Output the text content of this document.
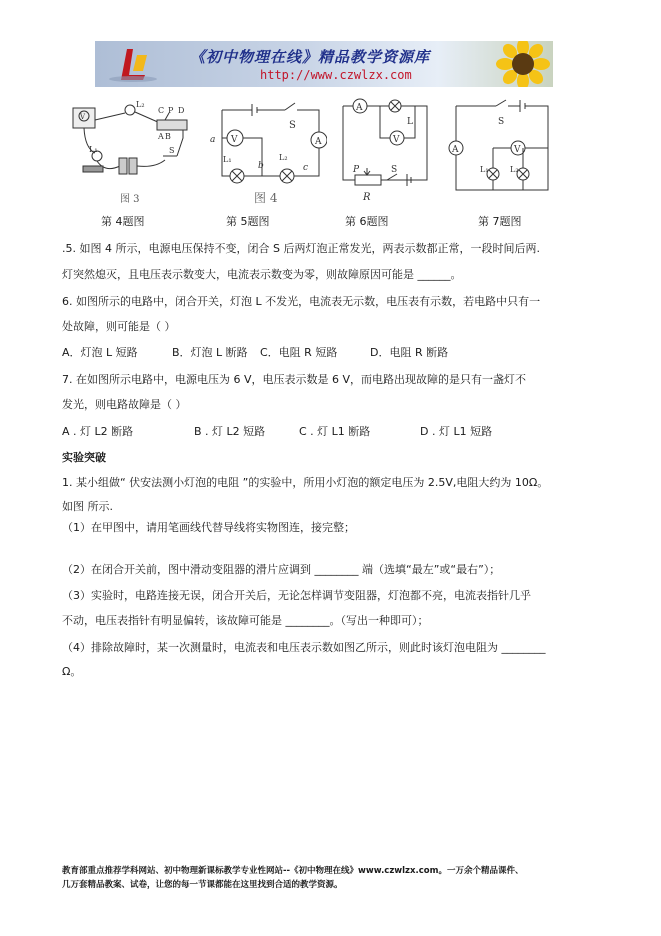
《初中物理在线》精品教学资源库
http://www.czwlzx.com
L₂
C P D
A B
V
L₁	S
图 3
a
S
A
V
L₁
b
L₂
c
图 4
A
L
V
P	S
R
S
A	V
L₁	L₂
第 4题图	第 5题图	第 6题图	第 7题图
.5. 如图 4 所示，电源电压保持不变，闭合 S 后两灯泡正常发光，两表示数都正常，一段时间后两.
灯突然熄灭，且电压表示数变大，电流表示数变为零，则故障原因可能是 ______。
6. 如图所示的电路中，闭合开关，灯泡 L 不发光，电流表无示数，电压表有示数，若电路中只有一
处故障，则可能是（ ）
A．灯泡 L 短路	B．灯泡 L 断路 C．电阻 R 短路	D．电阻 R 断路
7. 在如图所示电路中，电源电压为 6 V，电压表示数是 6 V，而电路出现故障的是只有一盏灯不
发光，则电路故障是（ ）
A . 灯 L2 断路	B . 灯 L2 短路	C . 灯 L1 断路	D . 灯 L1 短路
实验突破
1. 某小组做“ 伏安法测小灯泡的电阻 ”的实验中，所用小灯泡的额定电压为 2.5V,电阻大约为 10Ω。
如图 所示.
（1）在甲图中，请用笔画线代替导线将实物图连，接完整；
（2）在闭合开关前，图中滑动变阻器的滑片应调到 ________ 端（选填“最左”或“最右”）；
（3）实验时，电路连接无误，闭合开关后，无论怎样调节变阻器，灯泡都不亮，电流表指针几乎
不动，电压表指针有明显偏转，该故障可能是 ________。（写出一种即可）；
（4）排除故障时，某一次测量时，电流表和电压表示数如图乙所示，则此时该灯泡电阻为 ________
Ω。
教育部重点推荐学科网站、初中物理新课标教学专业性网站--《初中物理在线》www.czwlzx.com。一万余个精品课件、
几万套精品教案、试卷，让您的每一节课都能在这里找到合适的教学资源。
